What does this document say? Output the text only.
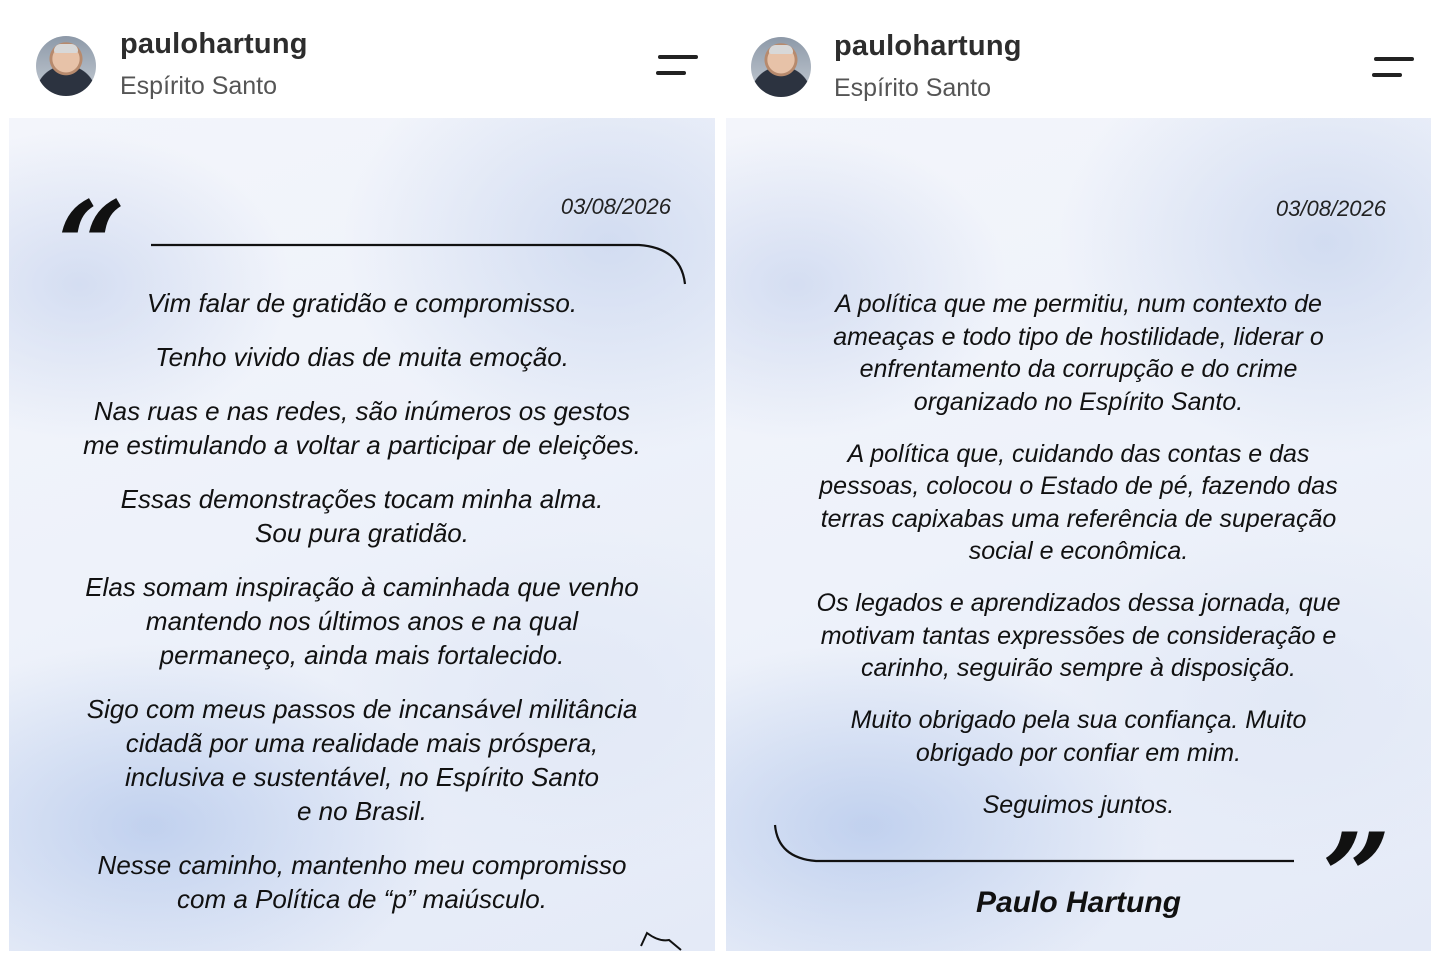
paulohartung
Espírito Santo
“	03/08/2026

Vim falar de gratidão e compromisso.

Tenho vivido dias de muita emoção.

Nas ruas e nas redes, são inúmeros os gestos
me estimulando a voltar a participar de eleições.

Essas demonstrações tocam minha alma.
Sou pura gratidão.

Elas somam inspiração à caminhada que venho
mantendo nos últimos anos e na qual
permaneço, ainda mais fortalecido.

Sigo com meus passos de incansável militância
cidadã por uma realidade mais próspera,
inclusiva e sustentável, no Espírito Santo
e no Brasil.

Nesse caminho, mantenho meu compromisso
com a Política de “p” maiúsculo.

paulohartung
Espírito Santo
03/08/2026

A política que me permitiu, num contexto de
ameaças e todo tipo de hostilidade, liderar o
enfrentamento da corrupção e do crime
organizado no Espírito Santo.

A política que, cuidando das contas e das
pessoas, colocou o Estado de pé, fazendo das
terras capixabas uma referência de superação
social e econômica.

Os legados e aprendizados dessa jornada, que
motivam tantas expressões de consideração e
carinho, seguirão sempre à disposição.

Muito obrigado pela sua confiança. Muito
obrigado por confiar em mim.

Seguimos juntos.

”
Paulo Hartung
